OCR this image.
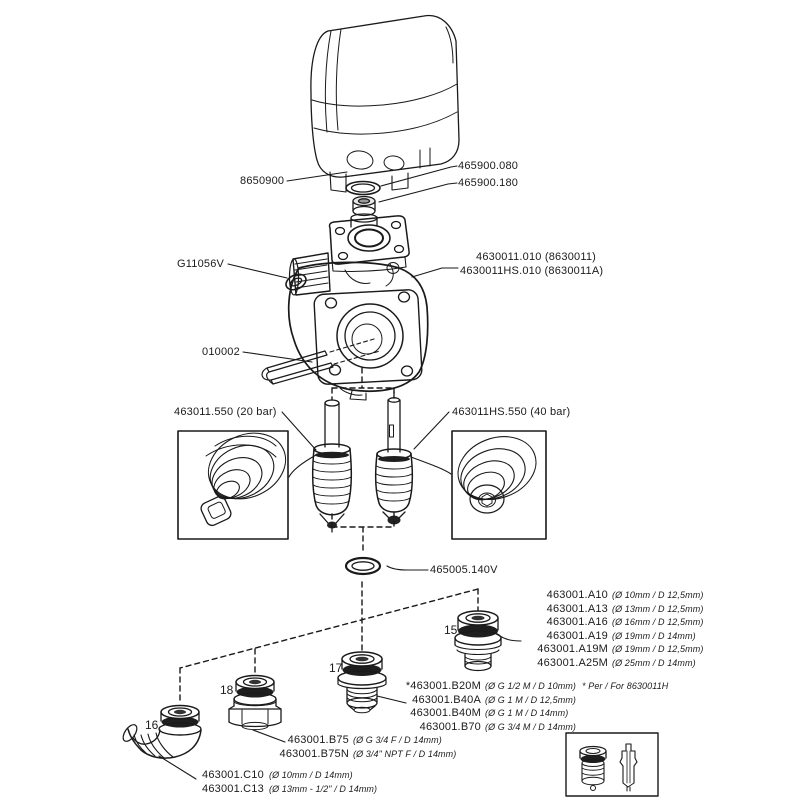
8650900
465900.080
465900.180
G11056V
4630011.010 (8630011)
4630011HS.010 (8630011A)
010002
463011.550 (20 bar)	463011HS.550 (40 bar)
465005.140V
15
17
18
16
463001.A10 (Ø 10mm / D 12,5mm)
463001.A13 (Ø 13mm / D 12,5mm)
463001.A16 (Ø 16mm / D 12,5mm)
463001.A19 (Ø 19mm / D 14mm)
463001.A19M (Ø 19mm / D 12,5mm)
463001.A25M (Ø 25mm / D 14mm)
*463001.B20M (Ø G 1/2 M / D 10mm) * Per / For 8630011H
463001.B40A (Ø G 1 M / D 12,5mm)
463001.B40M (Ø G 1 M / D 14mm)
463001.B70 (Ø G 3/4 M / D 14mm)
463001.B75 (Ø G 3/4 F / D 14mm)
463001.B75N (Ø 3/4" NPT F / D 14mm)
463001.C10 (Ø 10mm / D 14mm)
463001.C13 (Ø 13mm - 1/2" / D 14mm)
